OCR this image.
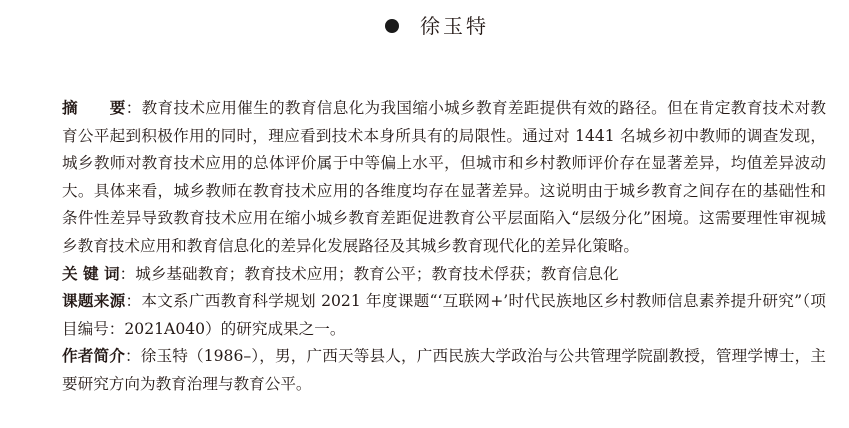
徐玉特

摘　　要：教育技术应用催生的教育信息化为我国缩小城乡教育差距提供有效的路径。但在肯定教育技术对教育公平起到积极作用的同时，理应看到技术本身所具有的局限性。通过对 1441 名城乡初中教师的调查发现，城乡教师对教育技术应用的总体评价属于中等偏上水平，但城市和乡村教师评价存在显著差异，均值差异波动大。具体来看，城乡教师在教育技术应用的各维度均存在显著差异。这说明由于城乡教育之间存在的基础性和条件性差异导致教育技术应用在缩小城乡教育差距促进教育公平层面陷入“层级分化”困境。这需要理性审视城乡教育技术应用和教育信息化的差异化发展路径及其城乡教育现代化的差异化策略。

关 键 词：城乡基础教育；教育技术应用；教育公平；教育技术俘获；教育信息化

课题来源：本文系广西教育科学规划 2021 年度课题“‘互联网+’时代民族地区乡村教师信息素养提升研究”（项目编号：2021A040）的研究成果之一。

作者简介：徐玉特（1986–），男，广西天等县人，广西民族大学政治与公共管理学院副教授，管理学博士，主要研究方向为教育治理与教育公平。
